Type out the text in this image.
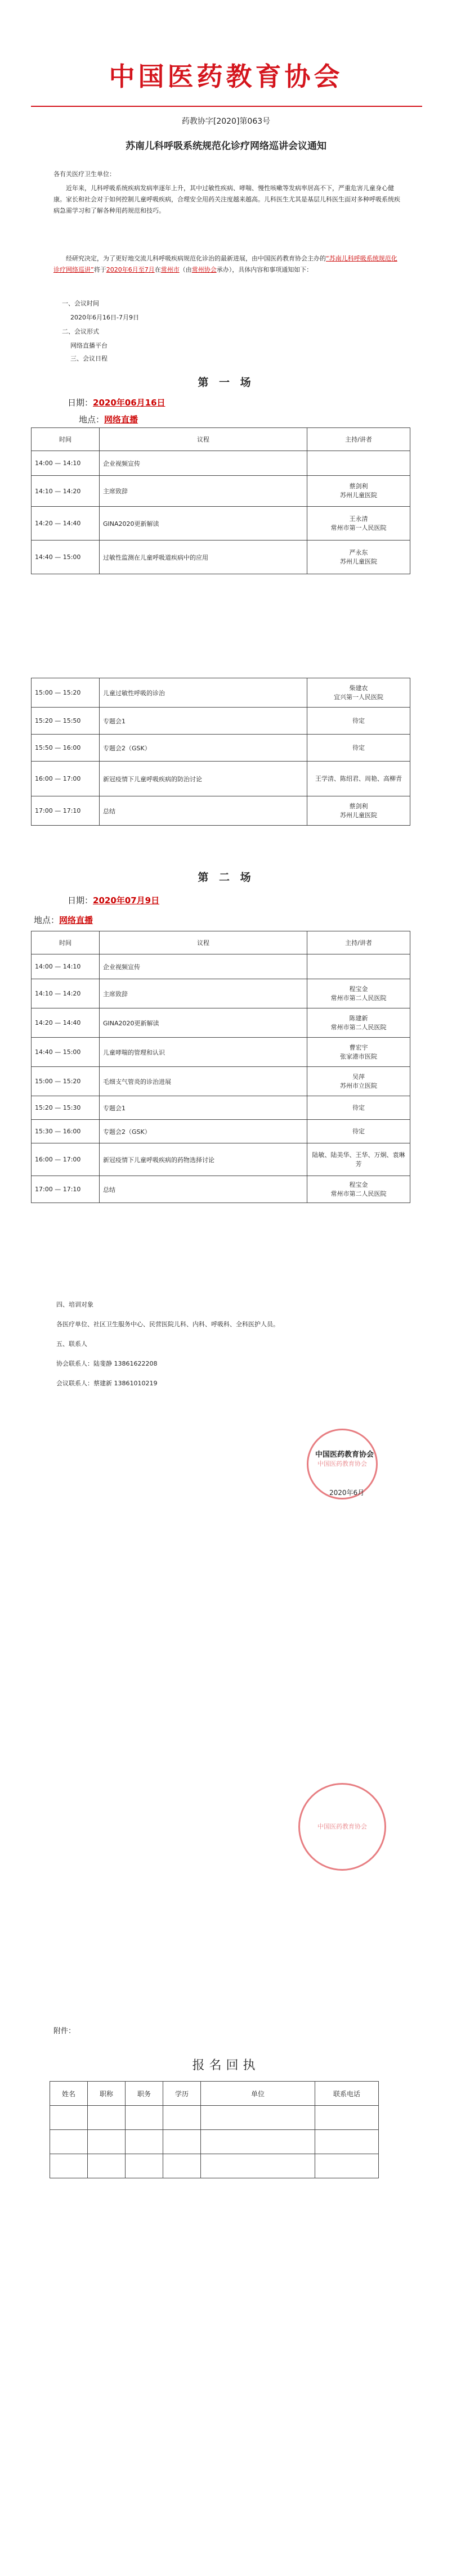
中国医药教育协会
药教协字[2020]第063号
苏南儿科呼吸系统规范化诊疗网络巡讲会议通知
各有关医疗卫生单位：
近年来，儿科呼吸系统疾病发病率逐年上升，其中过敏性疾病、哮喘、慢性咳嗽等发病率居高不下，严重危害儿童身心健康。家长和社会对于如何控制儿童呼吸疾病，合理安全用药关注度越来越高。儿科医生尤其是基层儿科医生面对多种呼吸系统疾病急需学习和了解各种用药规范和技巧。
经研究决定，为了更好地交流儿科呼吸疾病规范化诊治的最新进展，由中国医药教育协会主办的“苏南儿科呼吸系统规范化诊疗网络巡讲”将于2020年6月至7月在常州市（由常州协会承办），具体内容和事项通知如下：
一、会议时间
2020年6月16日-7月9日
二、会议形式
网络直播平台
三、会议日程
第 一 场
日期：2020年06月16日
地点：网络直播
时间	议程	主持/讲者
14:00 — 14:10	企业视频宣传	
14:10 — 14:20	主席致辞	蔡剑利
苏州儿童医院
14:20 — 14:40	GINA2020更新解读	王永清
常州市第一人民医院
14:40 — 15:00	过敏性监测在儿童呼吸道疾病中的应用	严永东
苏州儿童医院
15:00 — 15:20	儿童过敏性呼吸的诊治	柴建农
宜兴第一人民医院
15:20 — 15:50	专题会1	待定
15:50 — 16:00	专题会2（GSK）	待定
16:00 — 17:00	新冠疫情下儿童呼吸疾病的防治讨论	王学清、陈绍君、周艳、高柳青
17:00 — 17:10	总结	蔡剑利
苏州儿童医院
第 二 场
日期：2020年07月9日
地点：网络直播
时间	议程	主持/讲者
14:00 — 14:10	企业视频宣传	
14:10 — 14:20	主席致辞	程宝金
常州市第二人民医院
14:20 — 14:40	GINA2020更新解读	陈建新
常州市第二人民医院
14:40 — 15:00	儿童哮喘的管理和认识	曹宏宇
张家港市医院
15:00 — 15:20	毛细支气管炎的诊治进展	吴萍
苏州市立医院
15:20 — 15:30	专题会1	待定
15:30 — 16:00	专题会2（GSK）	待定
16:00 — 17:00	新冠疫情下儿童呼吸疾病的药物选择讨论	陆敏、陆美华、王华、万炯、袁琳芳
17:00 — 17:10	总结	程宝金
常州市第二人民医院
四、培训对象
各医疗单位、社区卫生服务中心、民营医院儿科、内科、呼吸科、全科医护人员。
五、联系人
协会联系人：陆斐静 13861622208
会议联系人：蔡建新 13861010219
中国医药教育协会
中国医药教育协会
2020年6月
中国医药教育协会
附件：
报名回执
姓名	职称	职务	学历	单位	联系电话
